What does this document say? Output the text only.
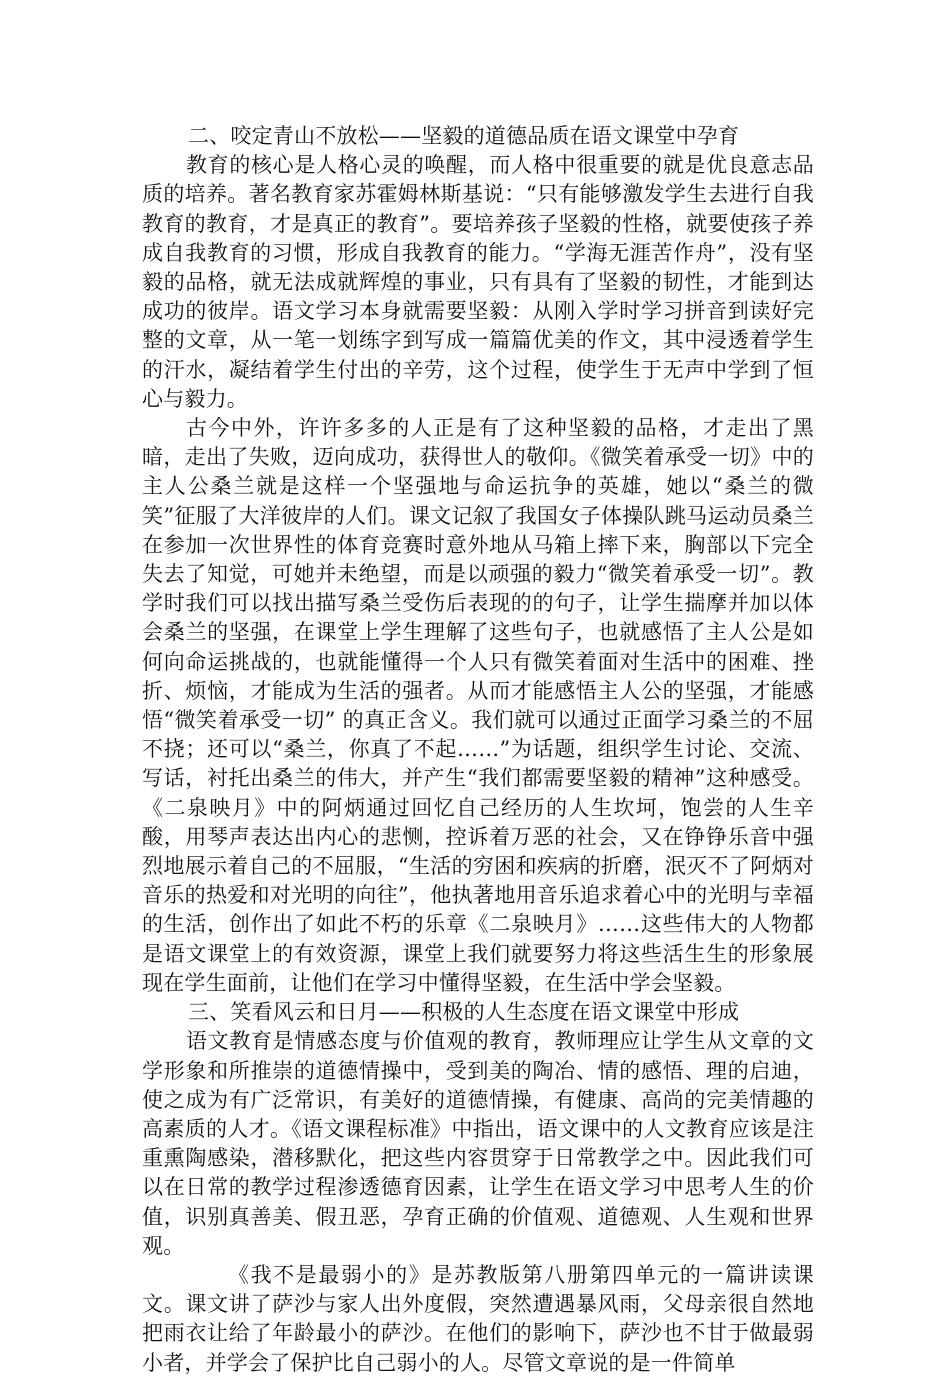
二、咬定青山不放松——坚毅的道德品质在语文课堂中孕育

教育的核心是人格心灵的唤醒，而人格中很重要的就是优良意志品质的培养。著名教育家苏霍姆林斯基说：“只有能够激发学生去进行自我教育的教育，才是真正的教育”。要培养孩子坚毅的性格，就要使孩子养成自我教育的习惯，形成自我教育的能力。“学海无涯苦作舟”，没有坚毅的品格，就无法成就辉煌的事业，只有具有了坚毅的韧性，才能到达成功的彼岸。语文学习本身就需要坚毅：从刚入学时学习拼音到读好完整的文章，从一笔一划练字到写成一篇篇优美的作文，其中浸透着学生的汗水，凝结着学生付出的辛劳，这个过程，使学生于无声中学到了恒心与毅力。

古今中外，许许多多的人正是有了这种坚毅的品格，才走出了黑暗，走出了失败，迈向成功，获得世人的敬仰。《微笑着承受一切》中的主人公桑兰就是这样一个坚强地与命运抗争的英雄，她以“桑兰的微笑”征服了大洋彼岸的人们。课文记叙了我国女子体操队跳马运动员桑兰在参加一次世界性的体育竞赛时意外地从马箱上摔下来，胸部以下完全失去了知觉，可她并未绝望，而是以顽强的毅力“微笑着承受一切”。教学时我们可以找出描写桑兰受伤后表现的的句子，让学生揣摩并加以体会桑兰的坚强，在课堂上学生理解了这些句子，也就感悟了主人公是如何向命运挑战的，也就能懂得一个人只有微笑着面对生活中的困难、挫折、烦恼，才能成为生活的强者。从而才能感悟主人公的坚强，才能感悟“微笑着承受一切” 的真正含义。我们就可以通过正面学习桑兰的不屈不挠；还可以“桑兰，你真了不起……”为话题，组织学生讨论、交流、写话，衬托出桑兰的伟大，并产生“我们都需要坚毅的精神”这种感受。《二泉映月》中的阿炳通过回忆自己经历的人生坎坷，饱尝的人生辛酸，用琴声表达出内心的悲恻，控诉着万恶的社会，又在铮铮乐音中强烈地展示着自己的不屈服，“生活的穷困和疾病的折磨，泯灭不了阿炳对音乐的热爱和对光明的向往”，他执著地用音乐追求着心中的光明与幸福的生活，创作出了如此不朽的乐章《二泉映月》……这些伟大的人物都是语文课堂上的有效资源，课堂上我们就要努力将这些活生生的形象展现在学生面前，让他们在学习中懂得坚毅，在生活中学会坚毅。

三、笑看风云和日月——积极的人生态度在语文课堂中形成

语文教育是情感态度与价值观的教育，教师理应让学生从文章的文学形象和所推崇的道德情操中，受到美的陶冶、情的感悟、理的启迪，使之成为有广泛常识，有美好的道德情操，有健康、高尚的完美情趣的高素质的人才。《语文课程标准》中指出，语文课中的人文教育应该是注重熏陶感染，潜移默化，把这些内容贯穿于日常教学之中。因此我们可以在日常的教学过程渗透德育因素，让学生在语文学习中思考人生的价值，识别真善美、假丑恶，孕育正确的价值观、道德观、人生观和世界观。

《我不是最弱小的》是苏教版第八册第四单元的一篇讲读课文。课文讲了萨沙与家人出外度假，突然遭遇暴风雨，父母亲很自然地把雨衣让给了年龄最小的萨沙。在他们的影响下，萨沙也不甘于做最弱小者，并学会了保护比自己弱小的人。尽管文章说的是一件简单
